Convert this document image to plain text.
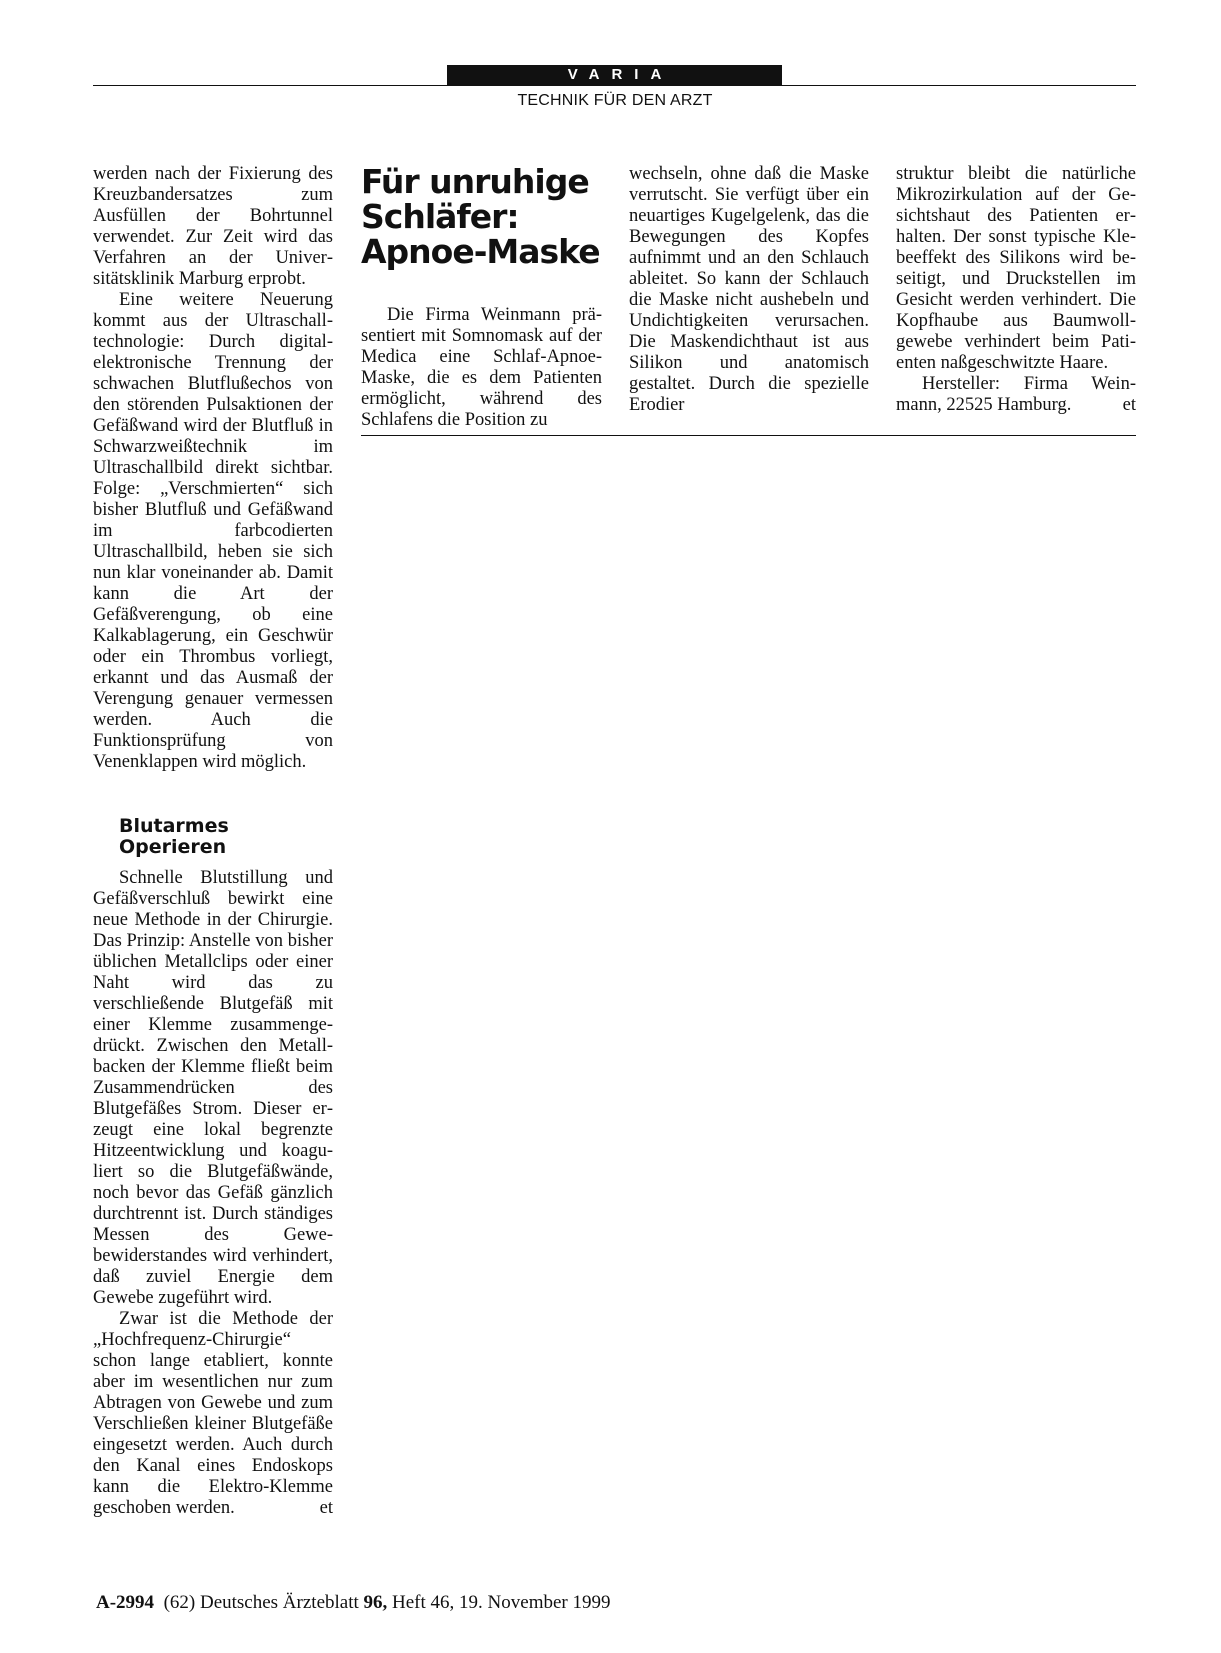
VARIA
TECHNIK FÜR DEN ARZT

werden nach der Fixierung des Kreuzbandersatzes zum Ausfüllen der Bohrtunnel verwendet. Zur Zeit wird das Verfahren an der Universitätsklinik Marburg erprobt.

Eine weitere Neuerung kommt aus der Ultraschalltechnologie: Durch digitalelektronische Trennung der schwachen Blutflußechos von den störenden Pulsaktionen der Gefäßwand wird der Blutfluß in Schwarzweißtechnik im Ultraschallbild direkt sichtbar. Folge: „Verschmierten“ sich bisher Blutfluß und Gefäßwand im farbcodierten Ultraschallbild, heben sie sich nun klar voneinander ab. Damit kann die Art der Gefäßverengung, ob eine Kalkablagerung, ein Geschwür oder ein Thrombus vorliegt, erkannt und das Ausmaß der Verengung genauer vermessen werden. Auch die Funktionsprüfung von Venenklappen wird möglich.

Blutarmes
Operieren

Schnelle Blutstillung und Gefäßverschluß bewirkt eine neue Methode in der Chirurgie. Das Prinzip: Anstelle von bisher üblichen Metallclips oder einer Naht wird das zu verschließende Blutgefäß mit einer Klemme zusammengedrückt. Zwischen den Metallbacken der Klemme fließt beim Zusammendrücken des Blutgefäßes Strom. Dieser erzeugt eine lokal begrenzte Hitzeentwicklung und koaguliert so die Blutgefäßwände, noch bevor das Gefäß gänzlich durchtrennt ist. Durch ständiges Messen des Gewebewiderstandes wird verhindert, daß zuviel Energie dem Gewebe zugeführt wird.

Zwar ist die Methode der „Hochfrequenz-Chirurgie“ schon lange etabliert, konnte aber im wesentlichen nur zum Abtragen von Gewebe und zum Verschließen kleiner Blutgefäße eingesetzt werden. Auch durch den Kanal eines Endoskops kann die Elektro-Klemme geschoben werden.	et

Für unruhige
Schläfer:
Apnoe-Maske

Die Firma Weinmann präsentiert mit Somnomask auf der Medica eine Schlaf-Apnoe-Maske, die es dem Patienten ermöglicht, während des Schlafens die Position zu

wechseln, ohne daß die Maske verrutscht. Sie verfügt über ein neuartiges Kugelgelenk, das die Bewegungen des Kopfes aufnimmt und an den Schlauch ableitet. So kann der Schlauch die Maske nicht aushebeln und Undichtigkeiten verursachen. Die Maskendichthaut ist aus Silikon und anatomisch gestaltet. Durch die spezielle Erodier

struktur bleibt die natürliche Mikrozirkulation auf der Gesichtshaut des Patienten erhalten. Der sonst typische Klebeeffekt des Silikons wird beseitigt, und Druckstellen im Gesicht werden verhindert. Die Kopfhaube aus Baumwollgewebe verhindert beim Patienten naßgeschwitzte Haare.

Hersteller: Firma Weinmann, 22525 Hamburg.	et

A-2994 (62) Deutsches Ärzteblatt 96, Heft 46, 19. November 1999
